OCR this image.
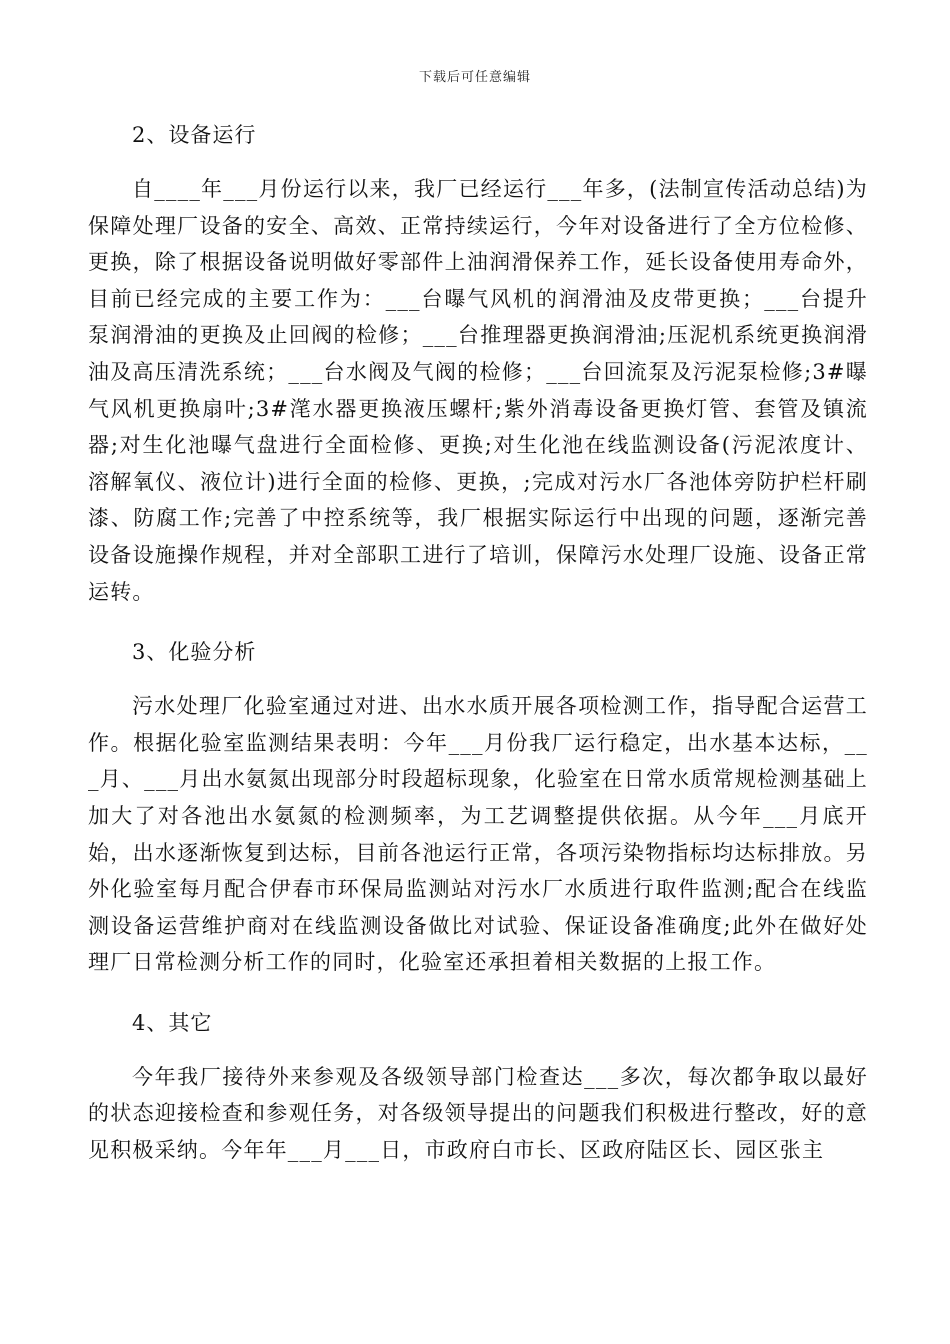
下载后可任意编辑
2、设备运行

自____年___月份运行以来，我厂已经运行___年多，(法制宣传活动总结)为保障处理厂设备的安全、高效、正常持续运行，今年对设备进行了全方位检修、更换，除了根据设备说明做好零部件上油润滑保养工作，延长设备使用寿命外，目前已经完成的主要工作为：___台曝气风机的润滑油及皮带更换；___台提升泵润滑油的更换及止回阀的检修；___台推理器更换润滑油;压泥机系统更换润滑油及高压清洗系统；___台水阀及气阀的检修；___台回流泵及污泥泵检修;3#曝气风机更换扇叶;3#滗水器更换液压螺杆;紫外消毒设备更换灯管、套管及镇流器;对生化池曝气盘进行全面检修、更换;对生化池在线监测设备(污泥浓度计、溶解氧仪、液位计)进行全面的检修、更换，;完成对污水厂各池体旁防护栏杆刷漆、防腐工作;完善了中控系统等，我厂根据实际运行中出现的问题，逐渐完善设备设施操作规程，并对全部职工进行了培训，保障污水处理厂设施、设备正常运转。

3、化验分析

污水处理厂化验室通过对进、出水水质开展各项检测工作，指导配合运营工作。根据化验室监测结果表明：今年___月份我厂运行稳定，出水基本达标，___月、___月出水氨氮出现部分时段超标现象，化验室在日常水质常规检测基础上加大了对各池出水氨氮的检测频率，为工艺调整提供依据。从今年___月底开始，出水逐渐恢复到达标，目前各池运行正常，各项污染物指标均达标排放。另外化验室每月配合伊春市环保局监测站对污水厂水质进行取件监测;配合在线监测设备运营维护商对在线监测设备做比对试验、保证设备准确度;此外在做好处理厂日常检测分析工作的同时，化验室还承担着相关数据的上报工作。

4、其它

今年我厂接待外来参观及各级领导部门检查达___多次，每次都争取以最好的状态迎接检查和参观任务，对各级领导提出的问题我们积极进行整改，好的意见积极采纳。今年年___月___日，市政府白市长、区政府陆区长、园区张主
